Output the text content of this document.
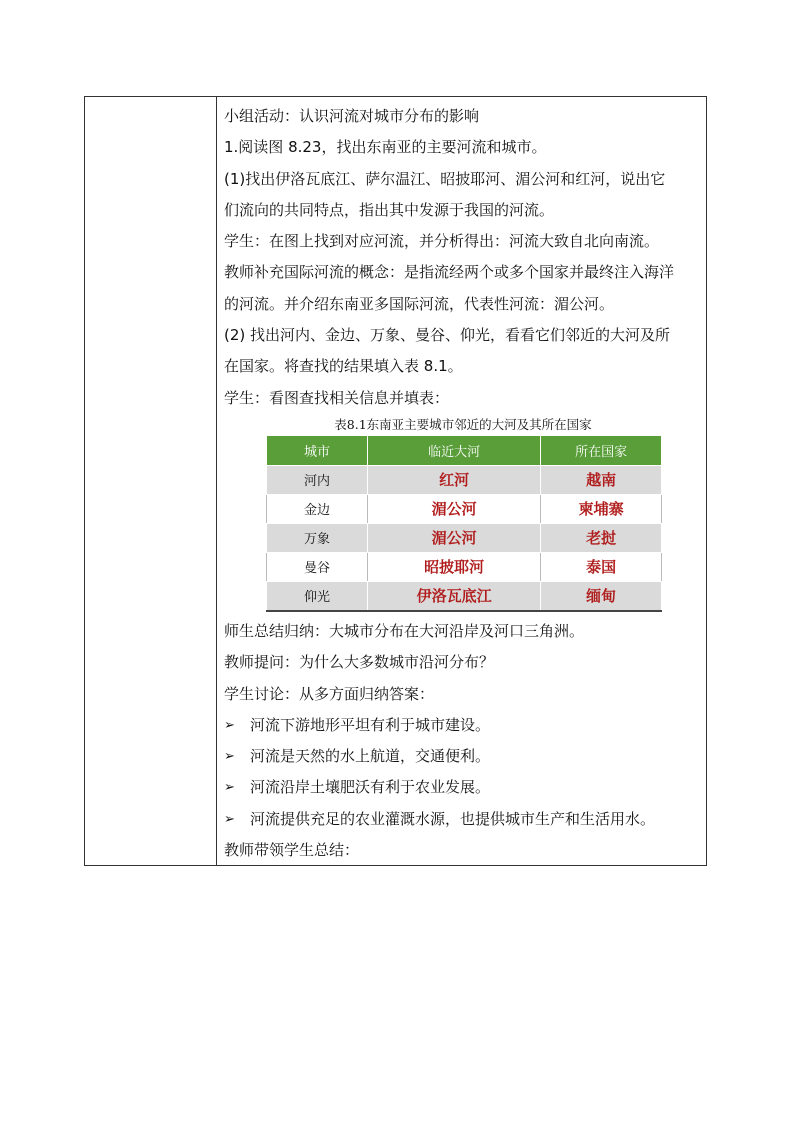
小组活动：认识河流对城市分布的影响
1.阅读图 8.23，找出东南亚的主要河流和城市。
(1)找出伊洛瓦底江、萨尔温江、昭披耶河、湄公河和红河，说出它
们流向的共同特点，指出其中发源于我国的河流。
学生：在图上找到对应河流，并分析得出：河流大致自北向南流。
教师补充国际河流的概念：是指流经两个或多个国家并最终注入海洋
的河流。并介绍东南亚多国际河流，代表性河流：湄公河。
(2) 找出河内、金边、万象、曼谷、仰光，看看它们邻近的大河及所
在国家。将查找的结果填入表 8.1。
学生：看图查找相关信息并填表：
表8.1东南亚主要城市邻近的大河及其所在国家
城市	临近大河	所在国家
河内	红河	越南
金边	湄公河	柬埔寨
万象	湄公河	老挝
曼谷	昭披耶河	泰国
仰光	伊洛瓦底江	缅甸
师生总结归纳：大城市分布在大河沿岸及河口三角洲。
教师提问：为什么大多数城市沿河分布？
学生讨论：从多方面归纳答案：
➢	河流下游地形平坦有利于城市建设。
➢	河流是天然的水上航道，交通便利。
➢	河流沿岸土壤肥沃有利于农业发展。
➢	河流提供充足的农业灌溉水源，也提供城市生产和生活用水。
教师带领学生总结：
